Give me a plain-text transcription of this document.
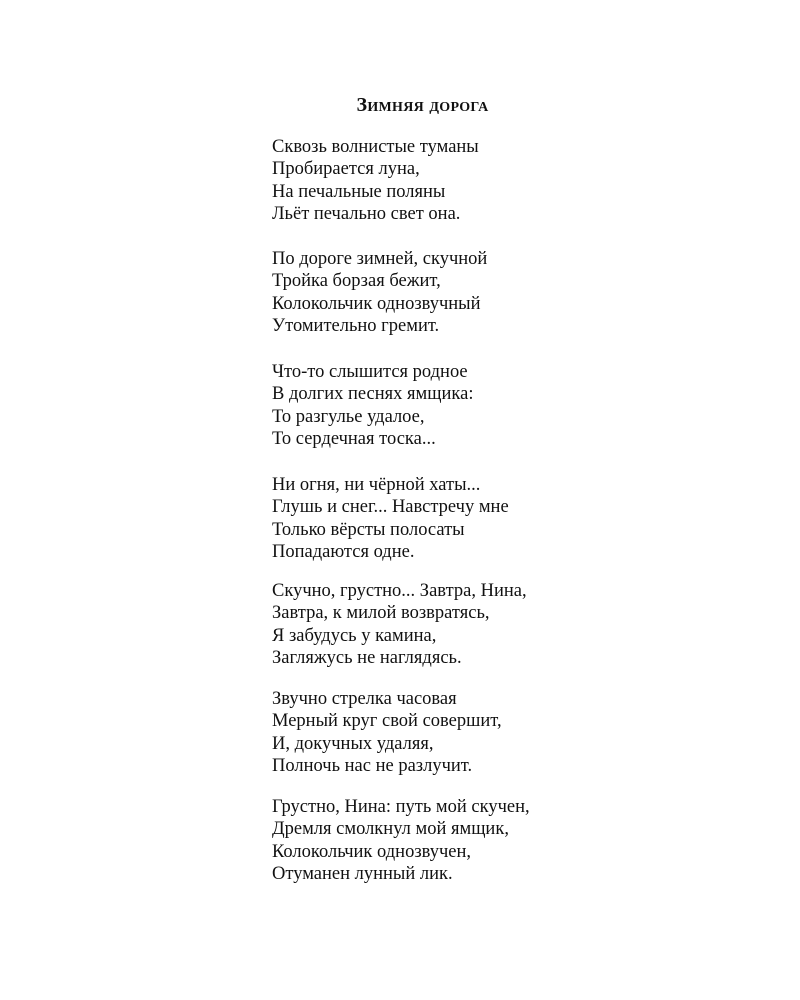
Зимняя дорога
Сквозь волнистые туманы
Пробирается луна,
На печальные поляны
Льёт печально свет она.
По дороге зимней, скучной
Тройка борзая бежит,
Колокольчик однозвучный
Утомительно гремит.
Что-то слышится родное
В долгих песнях ямщика:
То разгулье удалое,
То сердечная тоска...
Ни огня, ни чёрной хаты...
Глушь и снег... Навстречу мне
Только вёрсты полосаты
Попадаются одне.
Скучно, грустно... Завтра, Нина,
Завтра, к милой возвратясь,
Я забудусь у камина,
Загляжусь не наглядясь.
Звучно стрелка часовая
Мерный круг свой совершит,
И, докучных удаляя,
Полночь нас не разлучит.
Грустно, Нина: путь мой скучен,
Дремля смолкнул мой ямщик,
Колокольчик однозвучен,
Отуманен лунный лик.
